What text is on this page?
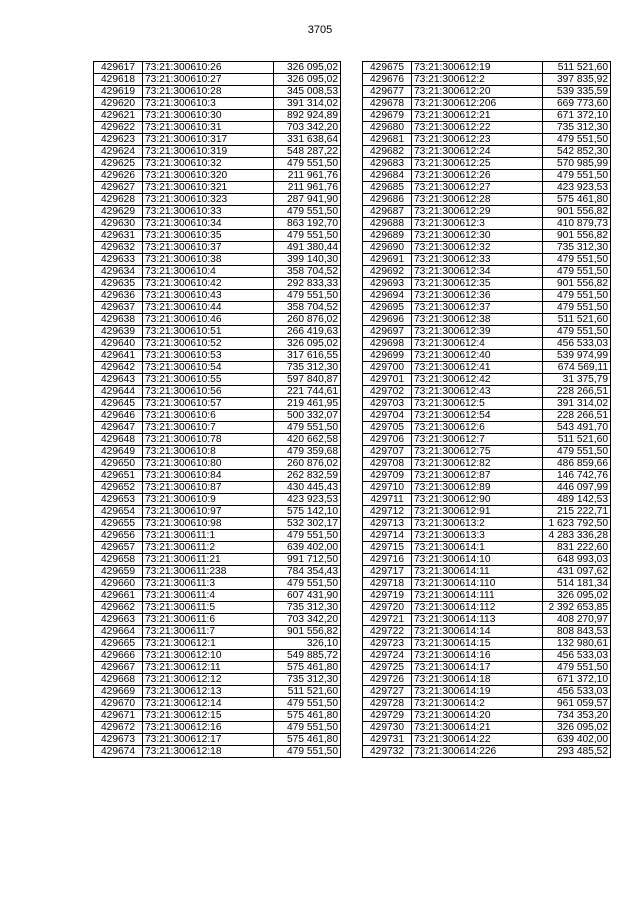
3705
429617	73:21:300610:26	326 095,02
429618	73:21:300610:27	326 095,02
429619	73:21:300610:28	345 008,53
429620	73:21:300610:3	391 314,02
429621	73:21:300610:30	892 924,89
429622	73:21:300610:31	703 342,20
429623	73:21:300610:317	331 638,64
429624	73:21:300610:319	548 287,22
429625	73:21:300610:32	479 551,50
429626	73:21:300610:320	211 961,76
429627	73:21:300610:321	211 961,76
429628	73:21:300610:323	287 941,90
429629	73:21:300610:33	479 551,50
429630	73:21:300610:34	863 192,70
429631	73:21:300610:35	479 551,50
429632	73:21:300610:37	491 380,44
429633	73:21:300610:38	399 140,30
429634	73:21:300610:4	358 704,52
429635	73:21:300610:42	292 833,33
429636	73:21:300610:43	479 551,50
429637	73:21:300610:44	358 704,52
429638	73:21:300610:46	260 876,02
429639	73:21:300610:51	266 419,63
429640	73:21:300610:52	326 095,02
429641	73:21:300610:53	317 616,55
429642	73:21:300610:54	735 312,30
429643	73:21:300610:55	597 840,87
429644	73:21:300610:56	221 744,61
429645	73:21:300610:57	219 461,95
429646	73:21:300610:6	500 332,07
429647	73:21:300610:7	479 551,50
429648	73:21:300610:78	420 662,58
429649	73:21:300610:8	479 359,68
429650	73:21:300610:80	260 876,02
429651	73:21:300610:84	262 832,59
429652	73:21:300610:87	430 445,43
429653	73:21:300610:9	423 923,53
429654	73:21:300610:97	575 142,10
429655	73:21:300610:98	532 302,17
429656	73:21:300611:1	479 551,50
429657	73:21:300611:2	639 402,00
429658	73:21:300611:21	991 712,50
429659	73:21:300611:238	784 354,43
429660	73:21:300611:3	479 551,50
429661	73:21:300611:4	607 431,90
429662	73:21:300611:5	735 312,30
429663	73:21:300611:6	703 342,20
429664	73:21:300611:7	901 556,82
429665	73:21:300612:1	326,10
429666	73:21:300612:10	549 885,72
429667	73:21:300612:11	575 461,80
429668	73:21:300612:12	735 312,30
429669	73:21:300612:13	511 521,60
429670	73:21:300612:14	479 551,50
429671	73:21:300612:15	575 461,80
429672	73:21:300612:16	479 551,50
429673	73:21:300612:17	575 461,80
429674	73:21:300612:18	479 551,50
429675	73:21:300612:19	511 521,60
429676	73:21:300612:2	397 835,92
429677	73:21:300612:20	539 335,59
429678	73:21:300612:206	669 773,60
429679	73:21:300612:21	671 372,10
429680	73:21:300612:22	735 312,30
429681	73:21:300612:23	479 551,50
429682	73:21:300612:24	542 852,30
429683	73:21:300612:25	570 985,99
429684	73:21:300612:26	479 551,50
429685	73:21:300612:27	423 923,53
429686	73:21:300612:28	575 461,80
429687	73:21:300612:29	901 556,82
429688	73:21:300612:3	410 879,73
429689	73:21:300612:30	901 556,82
429690	73:21:300612:32	735 312,30
429691	73:21:300612:33	479 551,50
429692	73:21:300612:34	479 551,50
429693	73:21:300612:35	901 556,82
429694	73:21:300612:36	479 551,50
429695	73:21:300612:37	479 551,50
429696	73:21:300612:38	511 521,60
429697	73:21:300612:39	479 551,50
429698	73:21:300612:4	456 533,03
429699	73:21:300612:40	539 974,99
429700	73:21:300612:41	674 569,11
429701	73:21:300612:42	31 375,79
429702	73:21:300612:43	228 266,51
429703	73:21:300612:5	391 314,02
429704	73:21:300612:54	228 266,51
429705	73:21:300612:6	543 491,70
429706	73:21:300612:7	511 521,60
429707	73:21:300612:75	479 551,50
429708	73:21:300612:82	486 859,66
429709	73:21:300612:87	146 742,76
429710	73:21:300612:89	446 097,99
429711	73:21:300612:90	489 142,53
429712	73:21:300612:91	215 222,71
429713	73:21:300613:2	1 623 792,50
429714	73:21:300613:3	4 283 336,28
429715	73:21:300614:1	831 222,60
429716	73:21:300614:10	648 993,03
429717	73:21:300614:11	431 097,62
429718	73:21:300614:110	514 181,34
429719	73:21:300614:111	326 095,02
429720	73:21:300614:112	2 392 653,85
429721	73:21:300614:113	408 270,97
429722	73:21:300614:14	808 843,53
429723	73:21:300614:15	132 980,61
429724	73:21:300614:16	456 533,03
429725	73:21:300614:17	479 551,50
429726	73:21:300614:18	671 372,10
429727	73:21:300614:19	456 533,03
429728	73:21:300614:2	961 059,57
429729	73:21:300614:20	734 353,20
429730	73:21:300614:21	326 095,02
429731	73:21:300614:22	639 402,00
429732	73:21:300614:226	293 485,52
